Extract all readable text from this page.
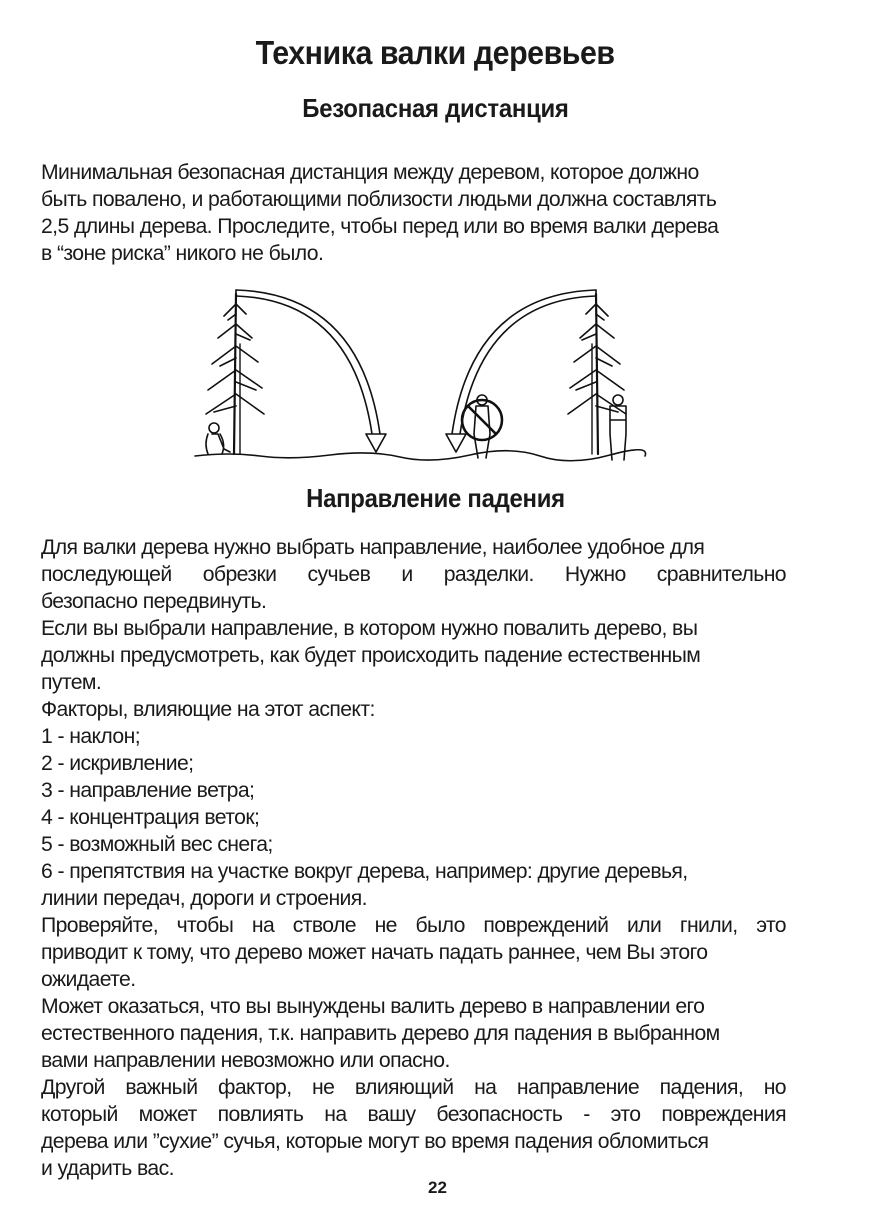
Техника валки деревьев
Безопасная дистанция
Минимальная безопасная дистанция между деревом, которое должно
быть повалено, и работающими поблизости людьми должна составлять
2,5 длины дерева. Проследите, чтобы перед или во время валки дерева
в “зоне риска” никого не было.
Направление падения
Для валки дерева нужно выбрать направление, наиболее удобное для
последующей обрезки сучьев и разделки. Нужно сравнительно
безопасно передвинуть.
Если вы выбрали направление, в котором нужно повалить дерево, вы
должны предусмотреть, как будет происходить падение естественным
путем.
Факторы, влияющие на этот аспект:
1 - наклон;
2 - искривление;
3 - направление ветра;
4 - концентрация веток;
5 - возможный вес снега;
6 - препятствия на участке вокруг дерева, например: другие деревья,
линии передач, дороги и строения.
Проверяйте, чтобы на стволе не было повреждений или гнили, это
приводит к тому, что дерево может начать падать раннее, чем Вы этого
ожидаете.
Может оказаться, что вы вынуждены валить дерево в направлении его
естественного падения, т.к. направить дерево для падения в выбранном
вами направлении невозможно или опасно.
Другой важный фактор, не влияющий на направление падения, но
который может повлиять на вашу безопасность - это повреждения
дерева или ”сухие” сучья, которые могут во время падения обломиться
и ударить вас.
22
